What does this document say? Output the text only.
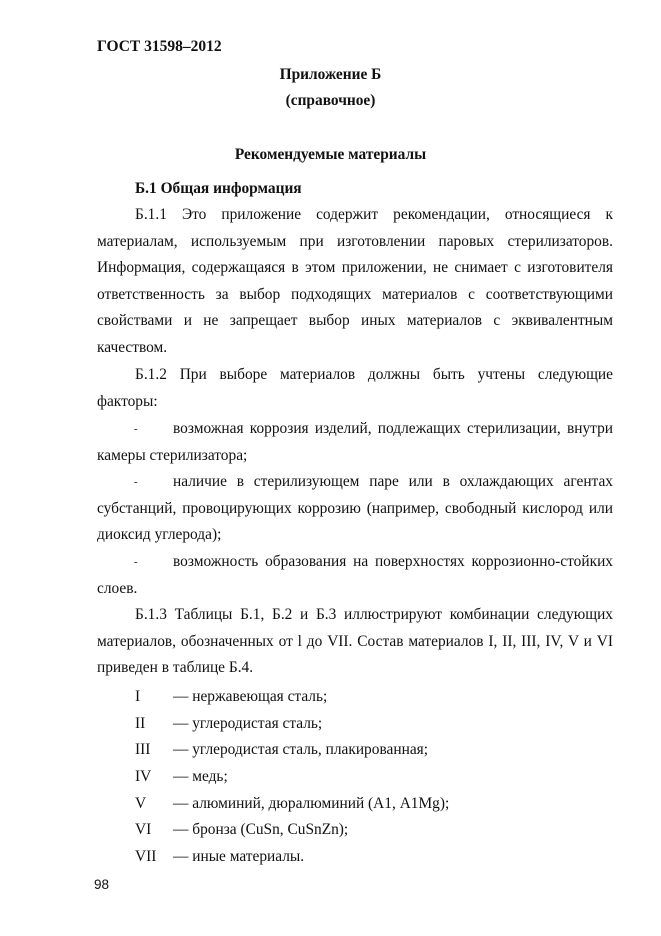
ГОСТ 31598–2012
Приложение Б
(справочное)
Рекомендуемые материалы
Б.1 Общая информация
Б.1.1 Это приложение содержит рекомендации, относящиеся к материалам, используемым при изготовлении паровых стерилизаторов. Информация, содержащаяся в этом приложении, не снимает с изготовителя ответственность за выбор подходящих материалов с соответствующими свойствами и не запрещает выбор иных материалов с эквивалентным качеством.
Б.1.2 При выборе материалов должны быть учтены следующие факторы:
-	возможная коррозия изделий, подлежащих стерилизации, внутри камеры стерилизатора;
-	наличие в стерилизующем паре или в охлаждающих агентах субстанций, провоцирующих коррозию (например, свободный кислород или диоксид углерода);
-	возможность образования на поверхностях коррозионно-стойких слоев.
Б.1.3 Таблицы Б.1, Б.2 и Б.3 иллюстрируют комбинации следующих материалов, обозначенных от l до VII. Состав материалов I, II, III, IV, V и VI приведен в таблице Б.4.
I — нержавеющая сталь;
II — углеродистая сталь;
III — углеродистая сталь, плакированная;
IV — медь;
V — алюминий, дюралюминий (А1, A1Mg);
VI — бронза (CuSn, CuSnZn);
VII — иные материалы.
98
